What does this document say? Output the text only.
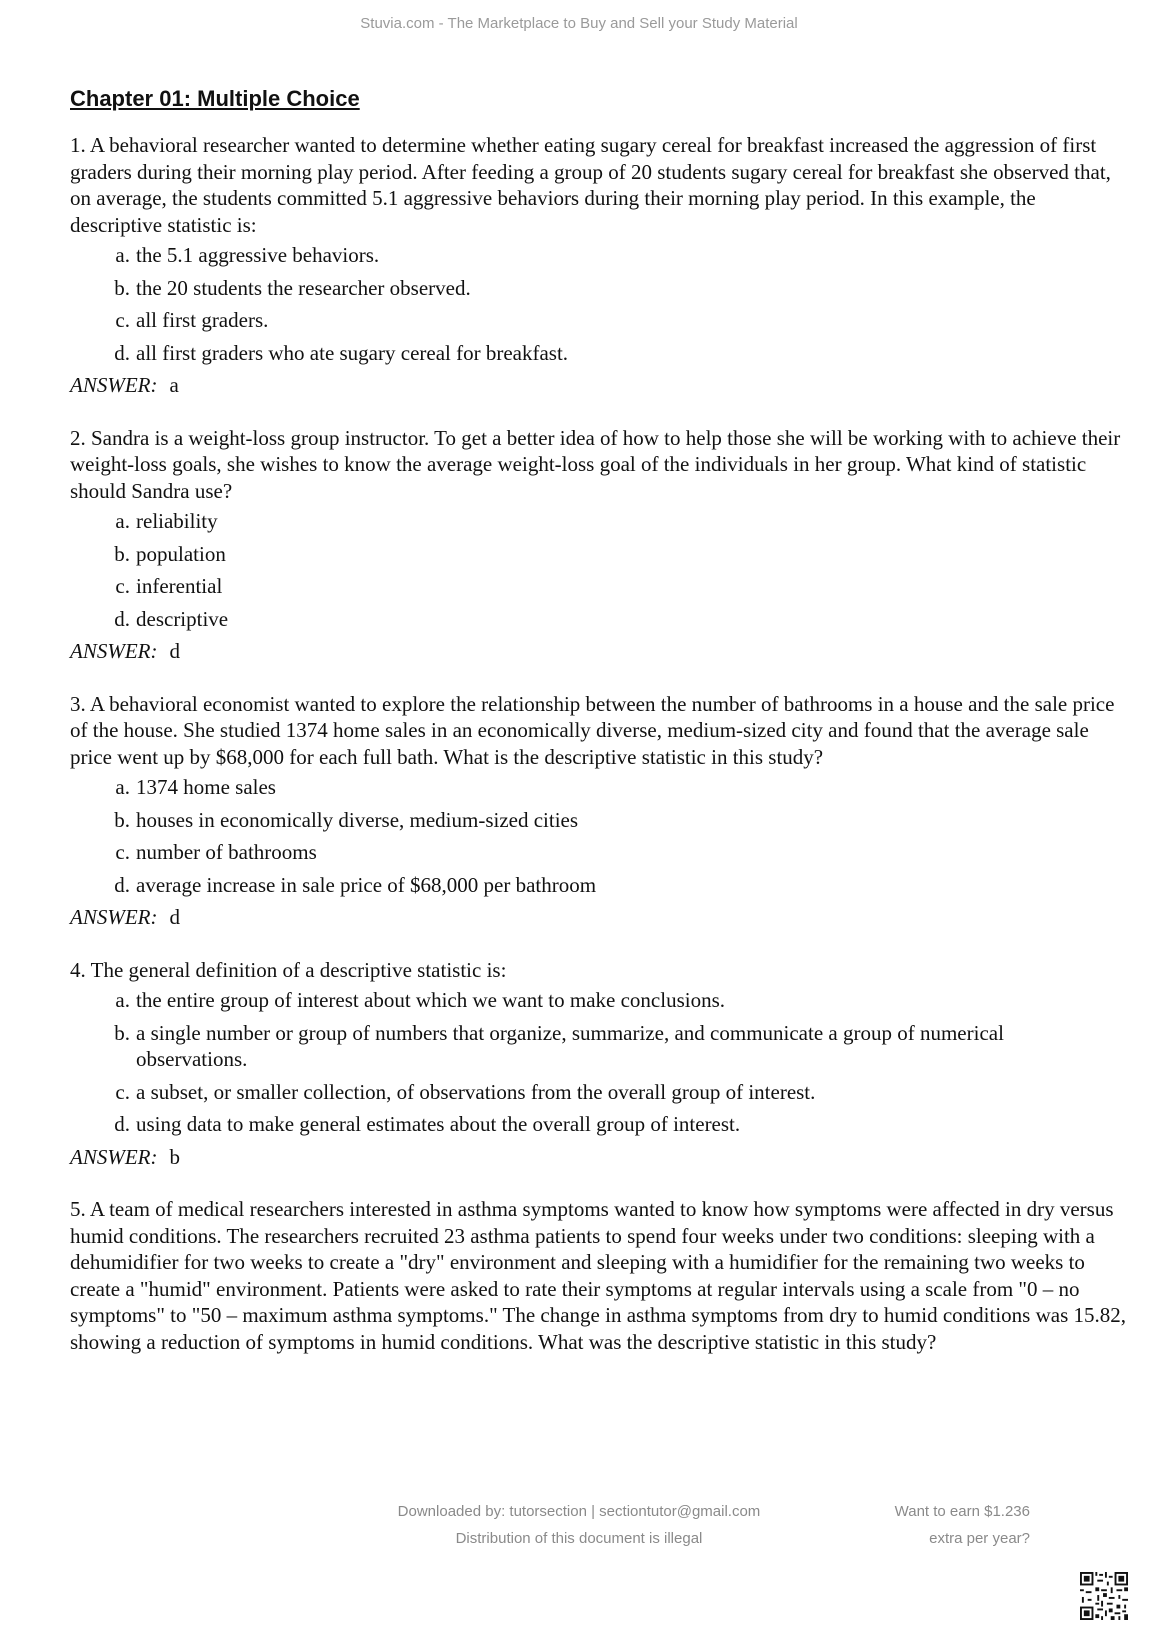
Stuvia.com - The Marketplace to Buy and Sell your Study Material
Chapter 01: Multiple Choice

1. A behavioral researcher wanted to determine whether eating sugary cereal for breakfast increased the aggression of first graders during their morning play period. After feeding a group of 20 students sugary cereal for breakfast she observed that, on average, the students committed 5.1 aggressive behaviors during their morning play period. In this example, the descriptive statistic is:

a. the 5.1 aggressive behaviors.
b. the 20 students the researcher observed.
c. all first graders.
d. all first graders who ate sugary cereal for breakfast.

ANSWER: a

2. Sandra is a weight-loss group instructor. To get a better idea of how to help those she will be working with to achieve their weight-loss goals, she wishes to know the average weight-loss goal of the individuals in her group. What kind of statistic should Sandra use?

a. reliability
b. population
c. inferential
d. descriptive

ANSWER: d

3. A behavioral economist wanted to explore the relationship between the number of bathrooms in a house and the sale price of the house. She studied 1374 home sales in an economically diverse, medium-sized city and found that the average sale price went up by $68,000 for each full bath. What is the descriptive statistic in this study?

a. 1374 home sales
b. houses in economically diverse, medium-sized cities
c. number of bathrooms
d. average increase in sale price of $68,000 per bathroom

ANSWER: d

4. The general definition of a descriptive statistic is:

a. the entire group of interest about which we want to make conclusions.
b. a single number or group of numbers that organize, summarize, and communicate a group of numerical observations.
c. a subset, or smaller collection, of observations from the overall group of interest.
d. using data to make general estimates about the overall group of interest.

ANSWER: b

5. A team of medical researchers interested in asthma symptoms wanted to know how symptoms were affected in dry versus humid conditions. The researchers recruited 23 asthma patients to spend four weeks under two conditions: sleeping with a dehumidifier for two weeks to create a "dry" environment and sleeping with a humidifier for the remaining two weeks to create a "humid" environment. Patients were asked to rate their symptoms at regular intervals using a scale from "0 – no symptoms" to "50 – maximum asthma symptoms." The change in asthma symptoms from dry to humid conditions was 15.82, showing a reduction of symptoms in humid conditions. What was the descriptive statistic in this study?

Downloaded by: tutorsection | sectiontutor@gmail.com
Distribution of this document is illegal
Want to earn $1.236
extra per year?
